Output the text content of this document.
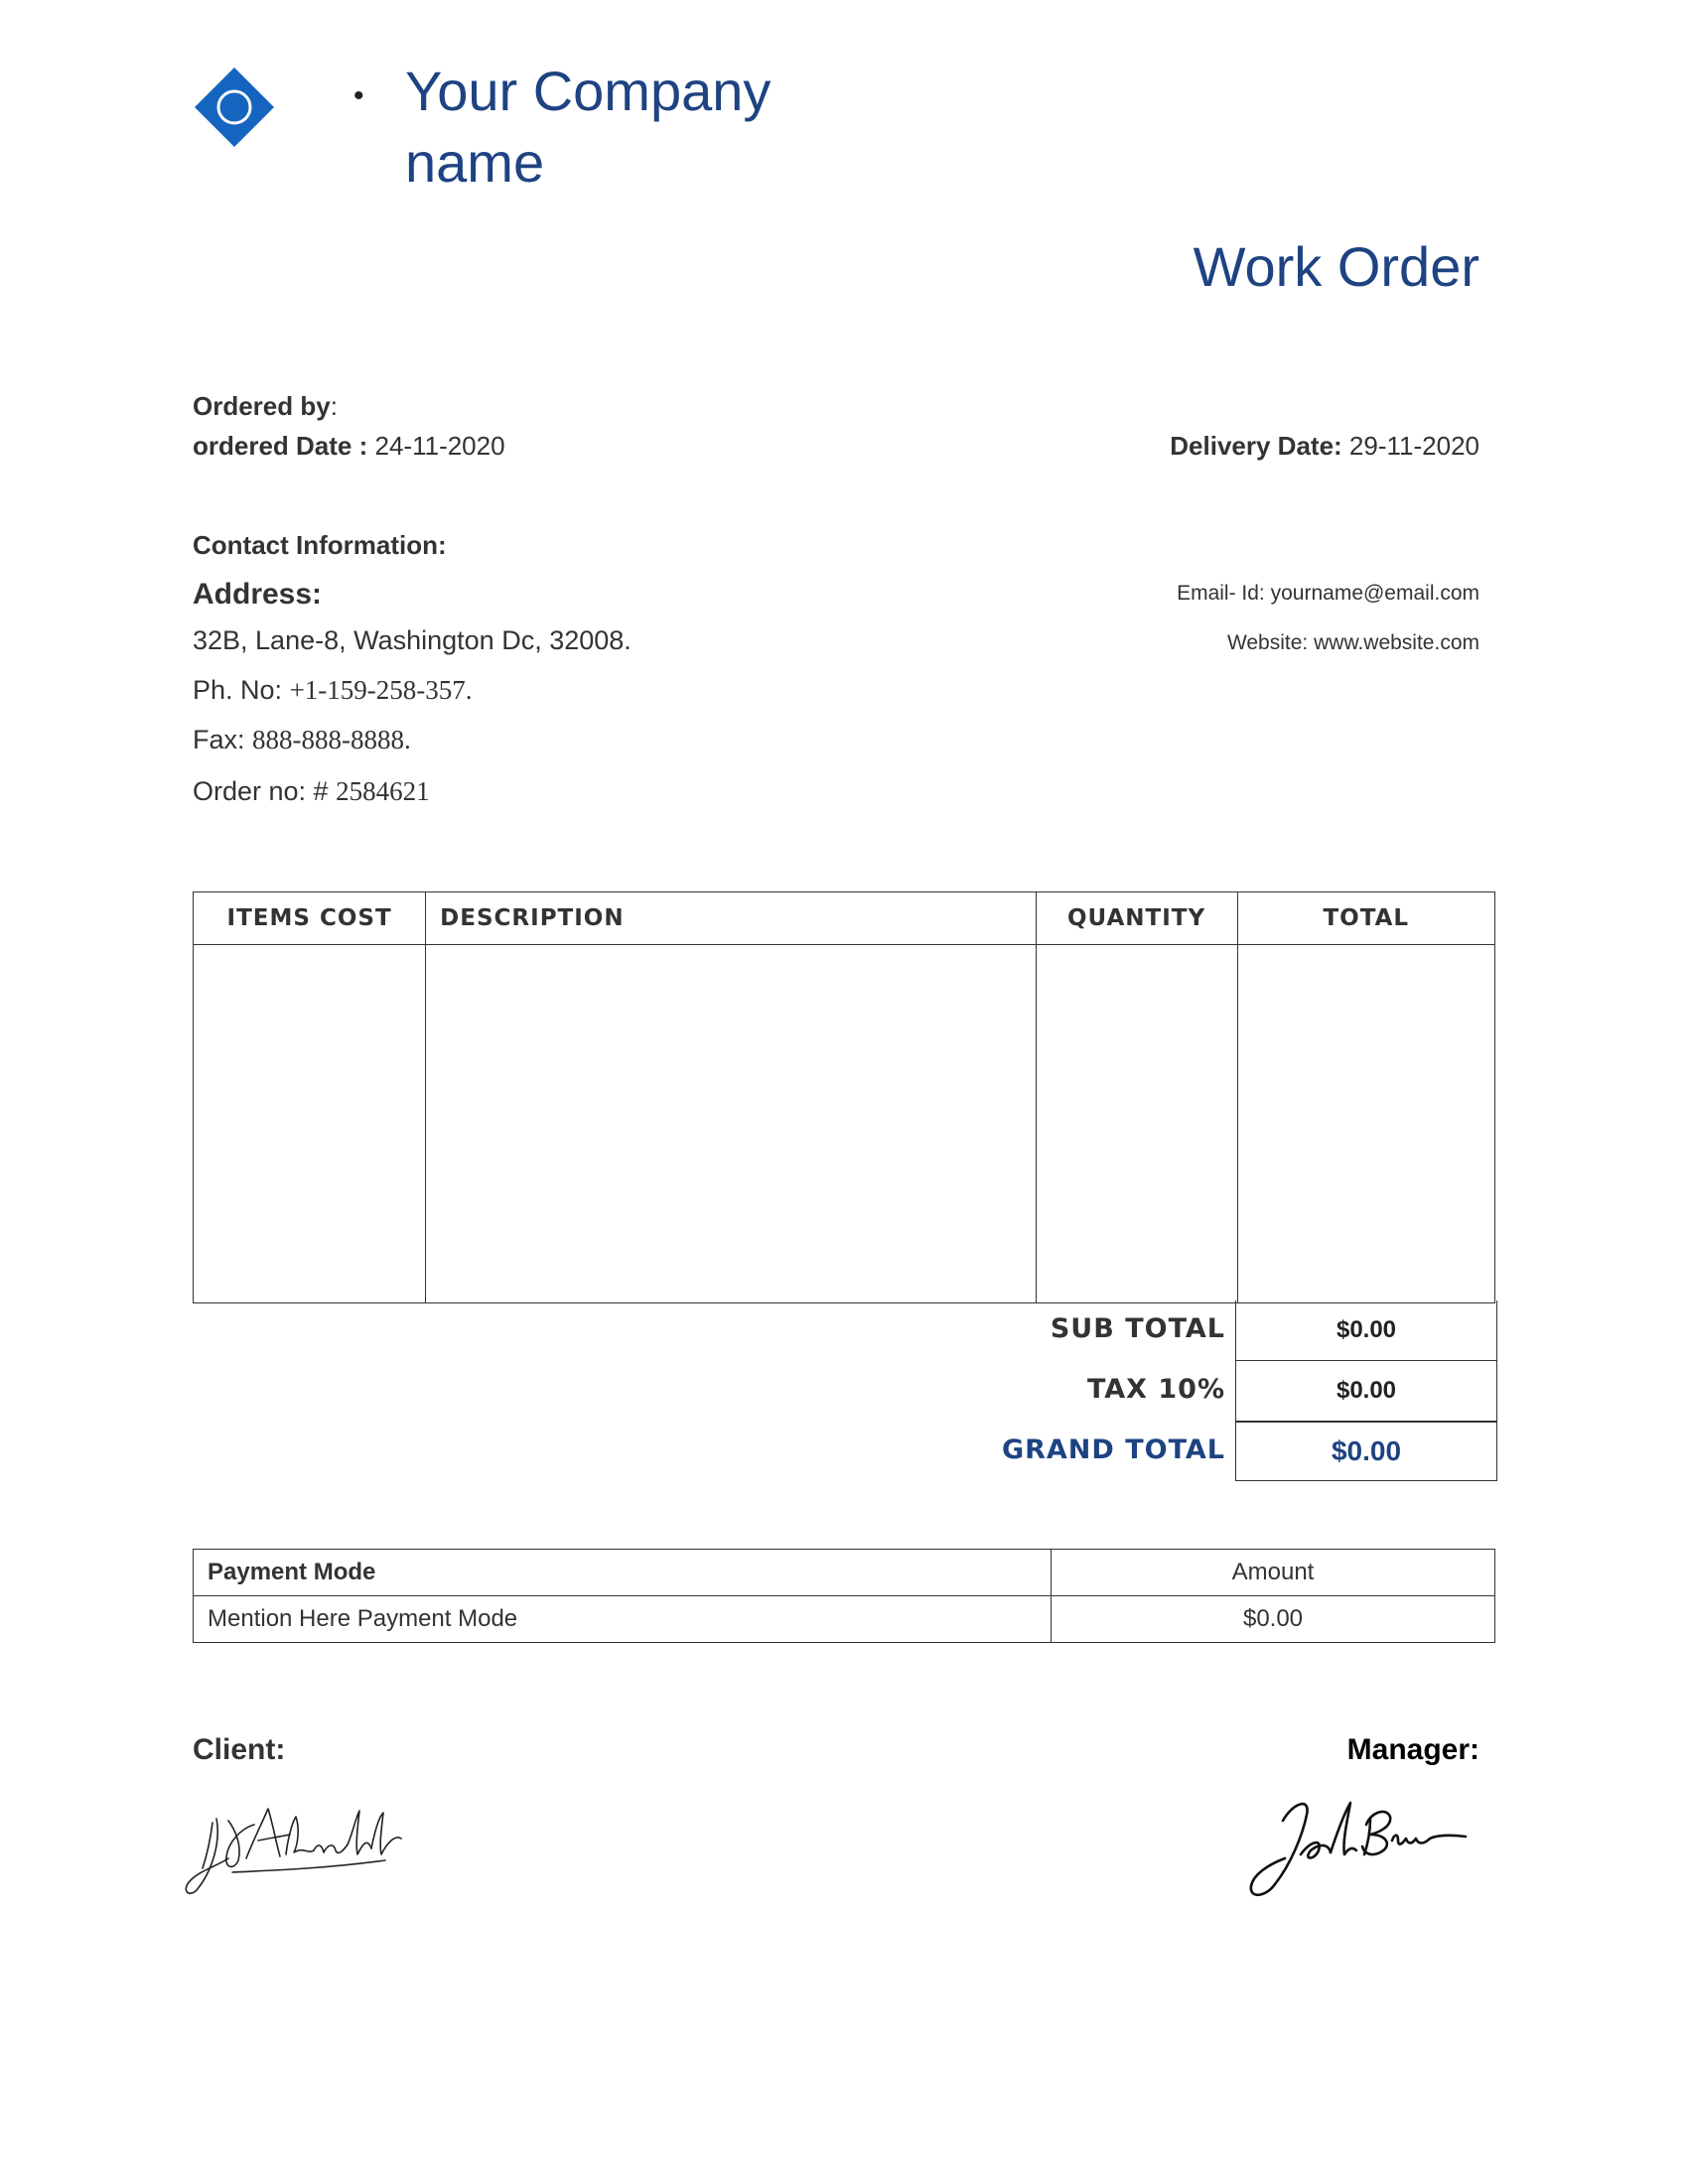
• Your Company name
Work Order
Ordered by:
ordered Date : 24-11-2020	Delivery Date: 29-11-2020
Contact Information:
Address:
32B, Lane-8, Washington Dc, 32008.
Ph. No: +1-159-258-357.
Fax: 888-888-8888.
Order no: # 2584621
Email- Id: yourname@email.com
Website: www.website.com
ITEMS COST	DESCRIPTION	QUANTITY	TOTAL

SUB TOTAL	$0.00
TAX 10%	$0.00
GRAND TOTAL	$0.00
Payment Mode	Amount
Mention Here Payment Mode	$0.00
Client:	Manager:
